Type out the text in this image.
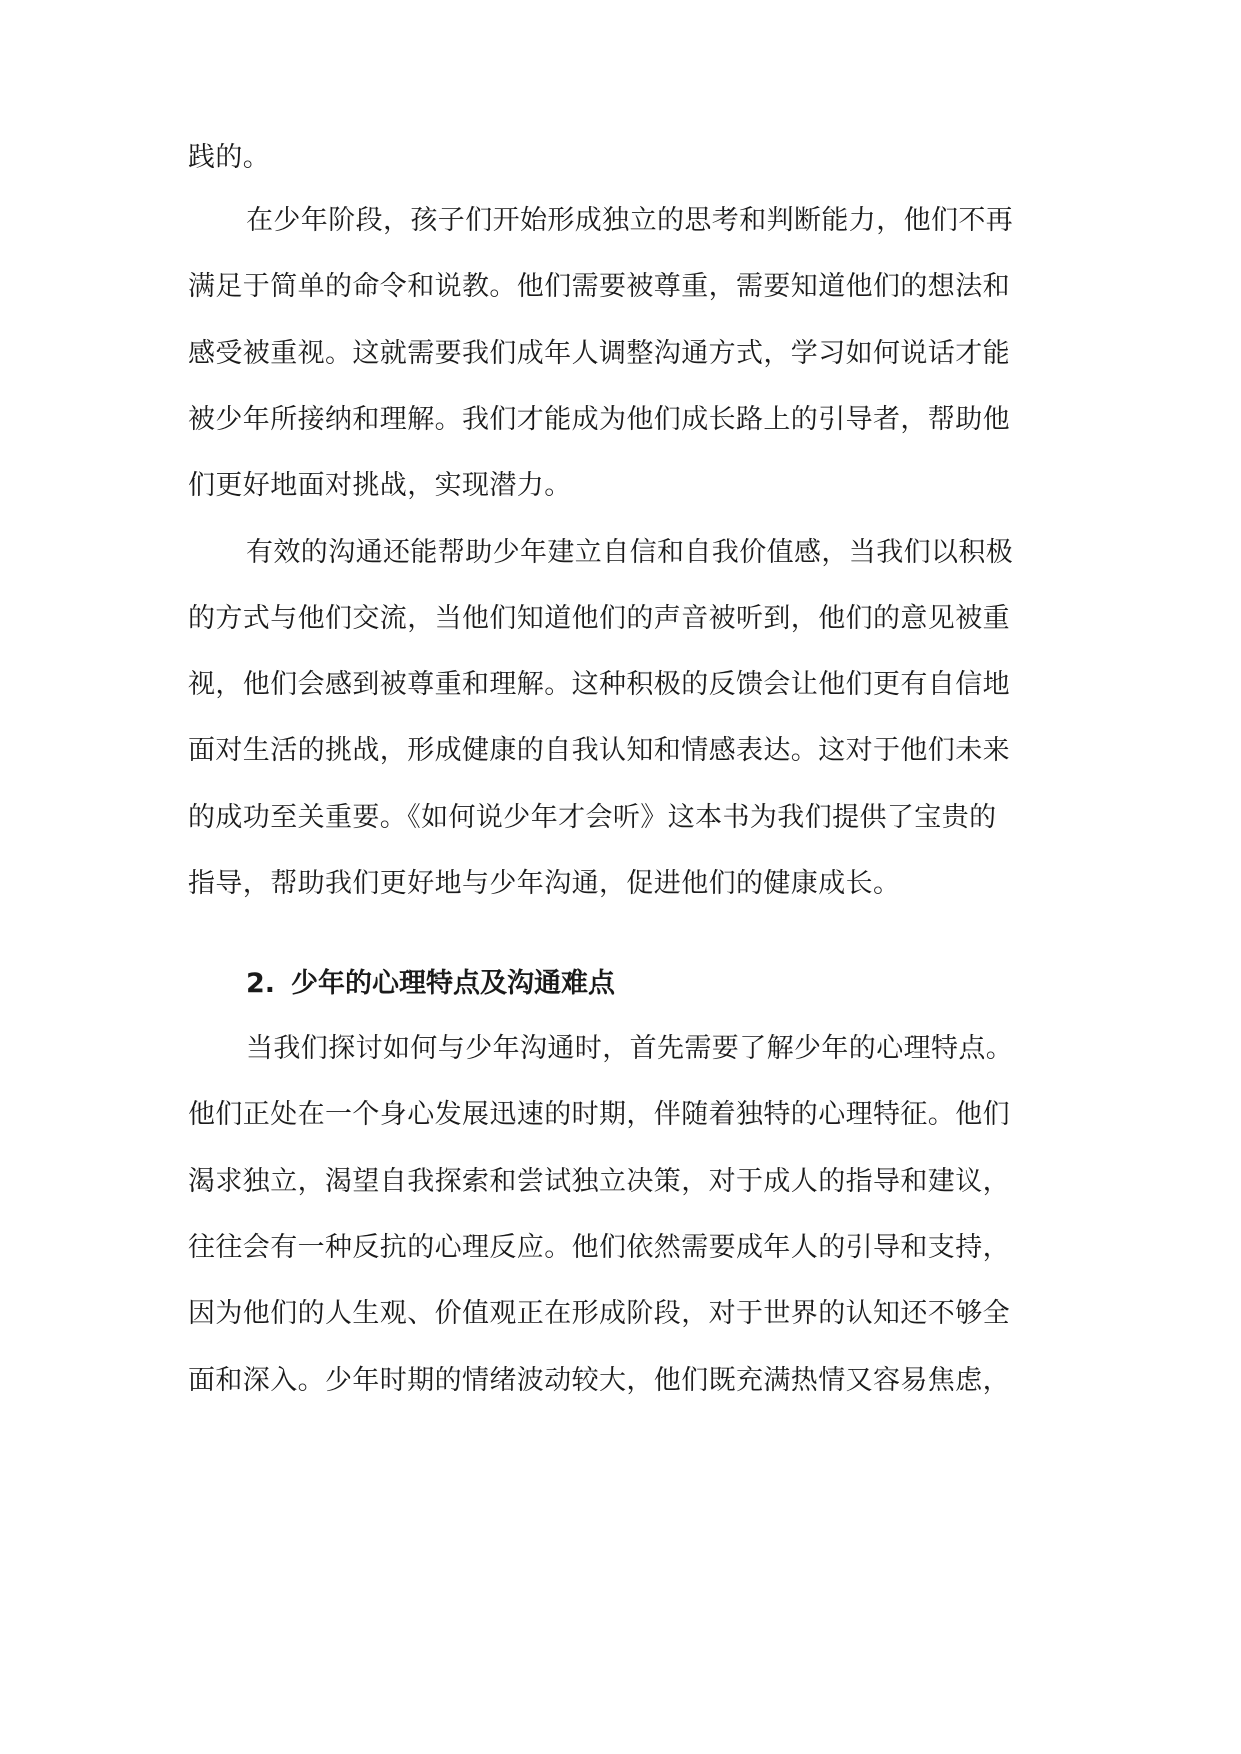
践的。
在少年阶段，孩子们开始形成独立的思考和判断能力，他们不再
满足于简单的命令和说教。他们需要被尊重，需要知道他们的想法和
感受被重视。这就需要我们成年人调整沟通方式，学习如何说话才能
被少年所接纳和理解。我们才能成为他们成长路上的引导者，帮助他
们更好地面对挑战，实现潜力。
有效的沟通还能帮助少年建立自信和自我价值感，当我们以积极
的方式与他们交流，当他们知道他们的声音被听到，他们的意见被重
视，他们会感到被尊重和理解。这种积极的反馈会让他们更有自信地
面对生活的挑战，形成健康的自我认知和情感表达。这对于他们未来
的成功至关重要。《如何说少年才会听》这本书为我们提供了宝贵的
指导，帮助我们更好地与少年沟通，促进他们的健康成长。
2. 少年的心理特点及沟通难点
当我们探讨如何与少年沟通时，首先需要了解少年的心理特点。
他们正处在一个身心发展迅速的时期，伴随着独特的心理特征。他们
渴求独立，渴望自我探索和尝试独立决策，对于成人的指导和建议，
往往会有一种反抗的心理反应。他们依然需要成年人的引导和支持，
因为他们的人生观、价值观正在形成阶段，对于世界的认知还不够全
面和深入。少年时期的情绪波动较大，他们既充满热情又容易焦虑，
